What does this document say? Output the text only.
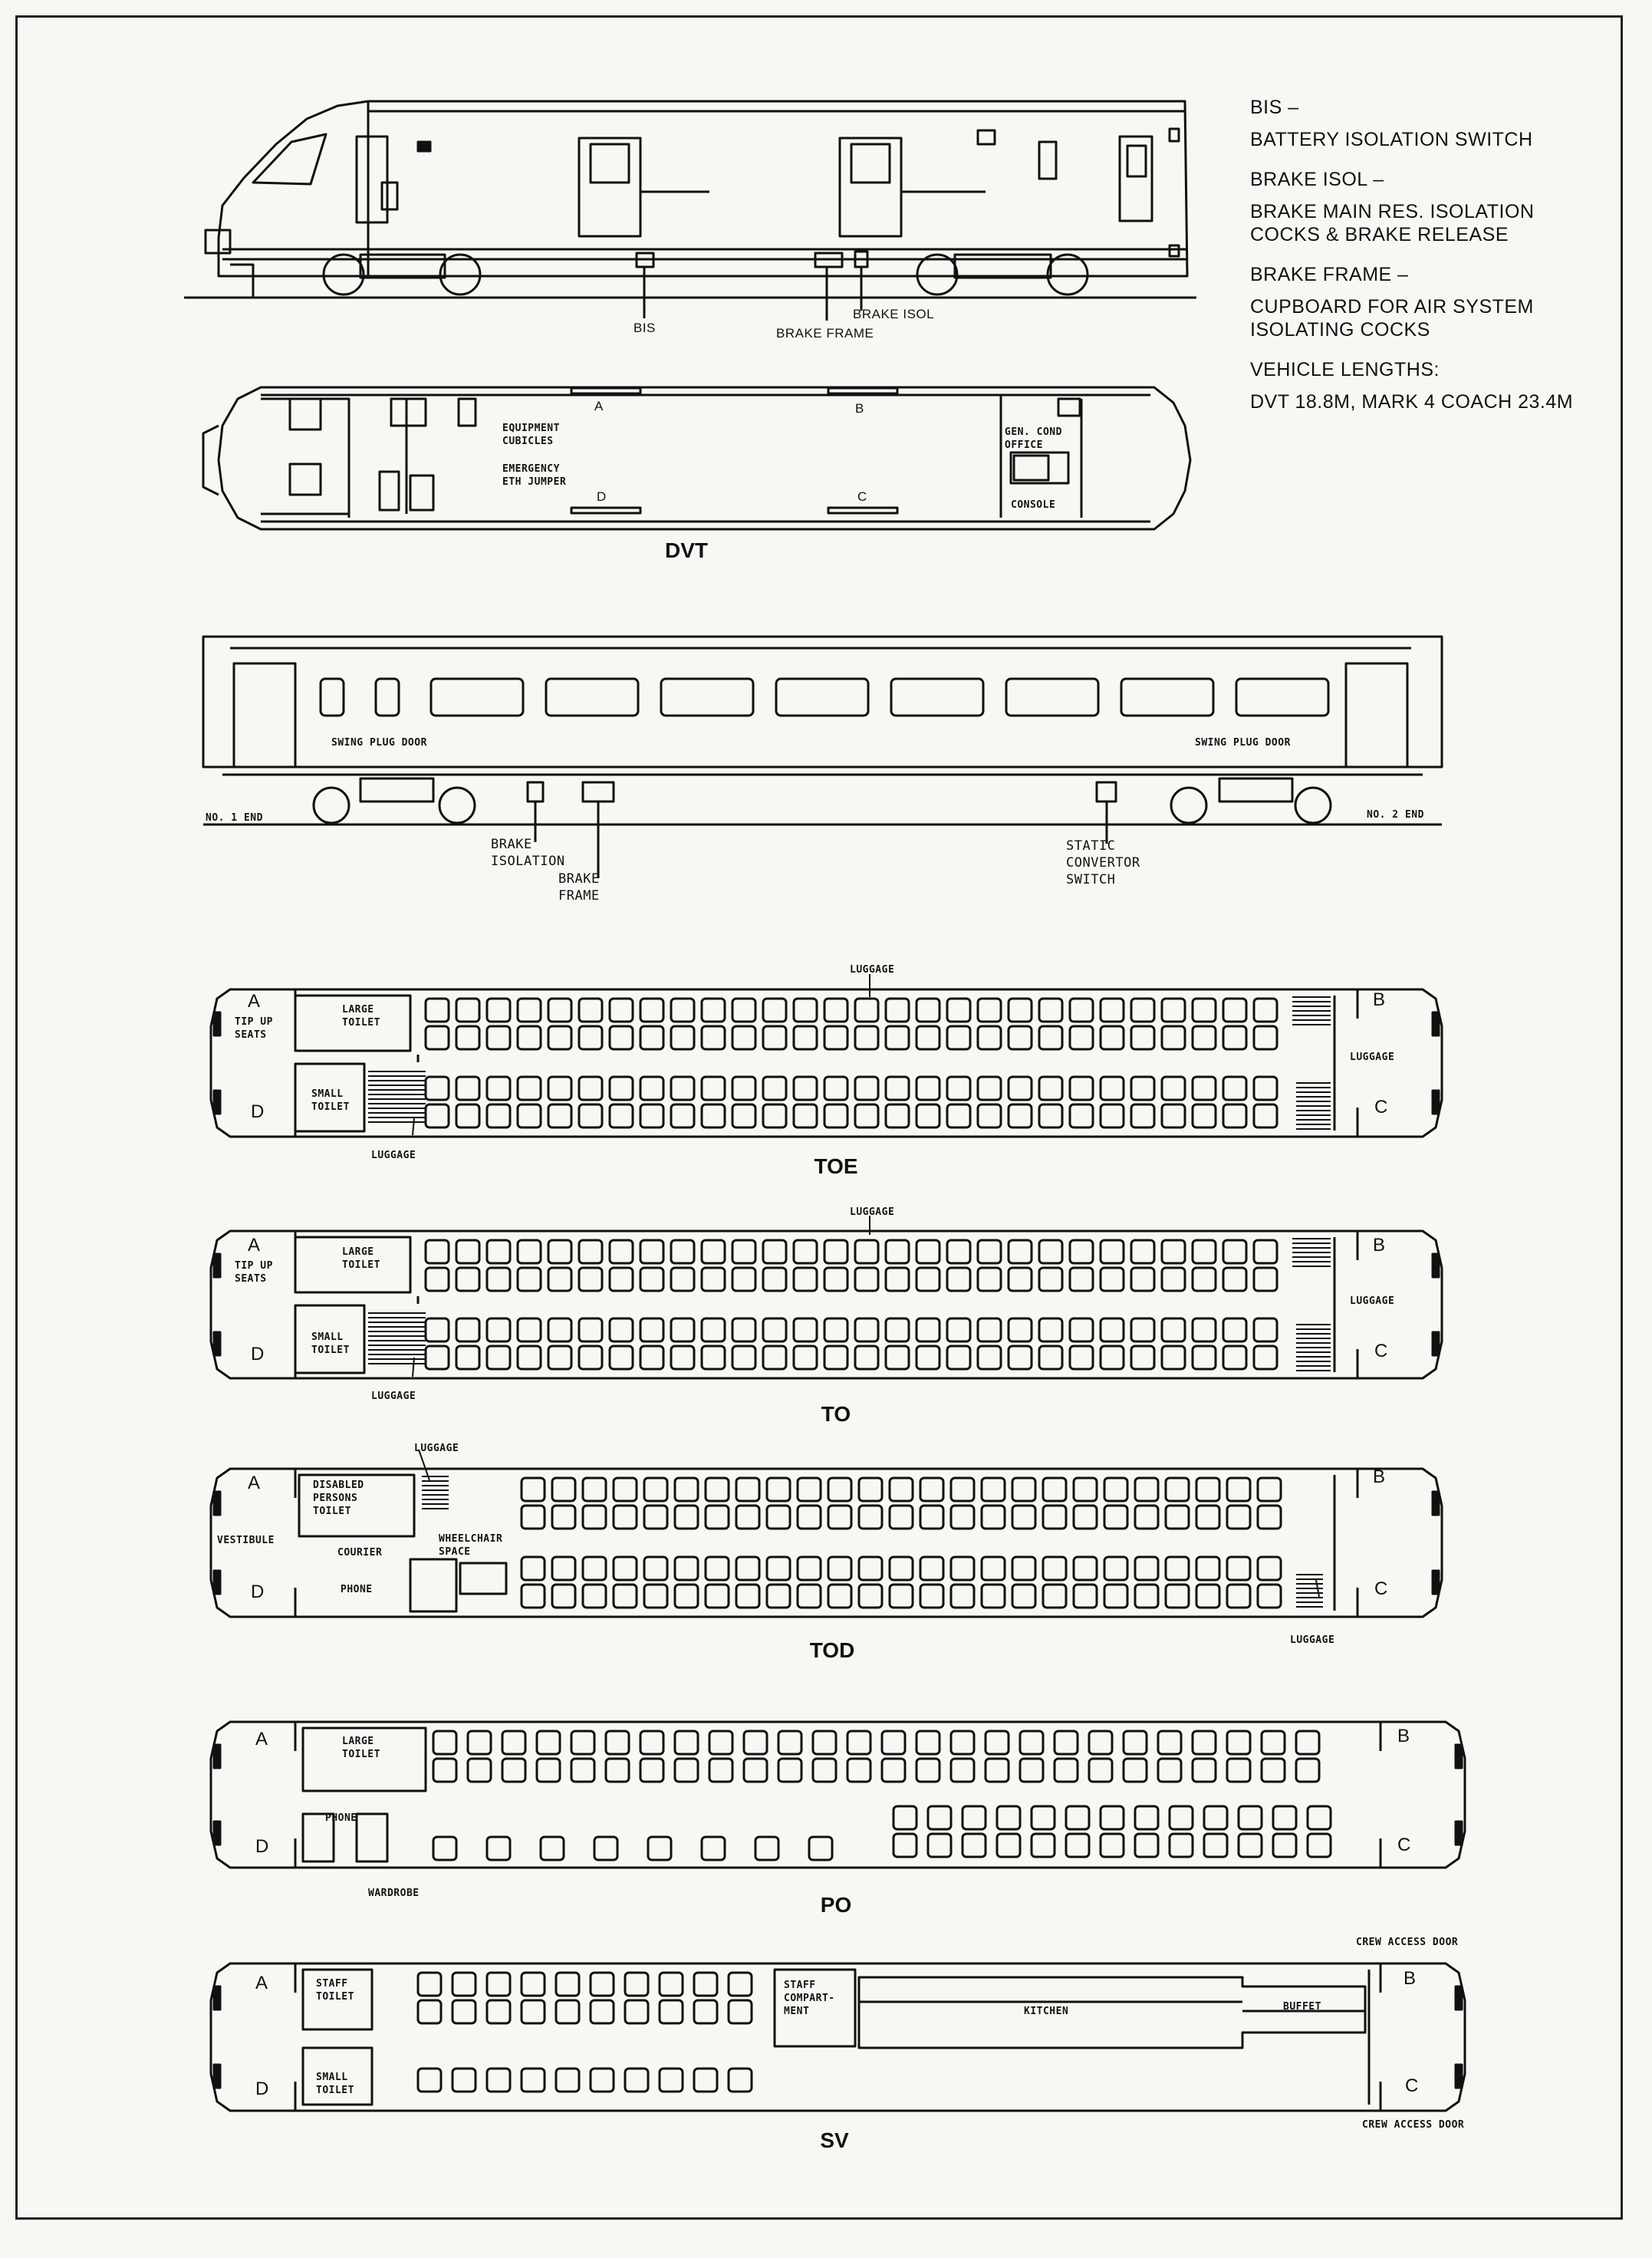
BIS –
BATTERY ISOLATION SWITCH
BRAKE ISOL –
BRAKE MAIN RES. ISOLATION
COCKS & BRAKE RELEASE
BRAKE FRAME –
CUPBOARD FOR AIR SYSTEM
ISOLATING COCKS
VEHICLE LENGTHS:
DVT 18.8M, MARK 4 COACH 23.4M
BIS	BRAKE FRAME
BRAKE ISOL
EQUIPMENT
CUBICLES
EMERGENCY
ETH JUMPER
GEN. COND
OFFICE
CONSOLE
A	B
C
D
DVT
SWING PLUG DOOR	SWING PLUG DOOR
NO. 1 END	NO. 2 END
BRAKE
ISOLATION
BRAKE
FRAME
STATIC
CONVERTOR
SWITCH
A
D
B
C
TIP UP
SEATS
LARGE
TOILET
SMALL
TOILET
LUGGAGE
LUGGAGE
LUGGAGE
TOE
A
D
B
C
TIP UP
SEATS
LARGE
TOILET
SMALL
TOILET
LUGGAGE
LUGGAGE
LUGGAGE
TO
A
D
B
C
DISABLED
PERSONS
TOILET
VESTIBULE
COURIER
PHONE
WHEELCHAIR
SPACE
LUGGAGE
LUGGAGE
TOD
A
D
B
C
LARGE
TOILET
PHONE
WARDROBE	PO
A
D
B
C
STAFF
TOILET
SMALL
TOILET
STAFF
COMPART-
MENT	KITCHEN	BUFFET
CREW ACCESS DOOR
CREW ACCESS DOOR
SV
